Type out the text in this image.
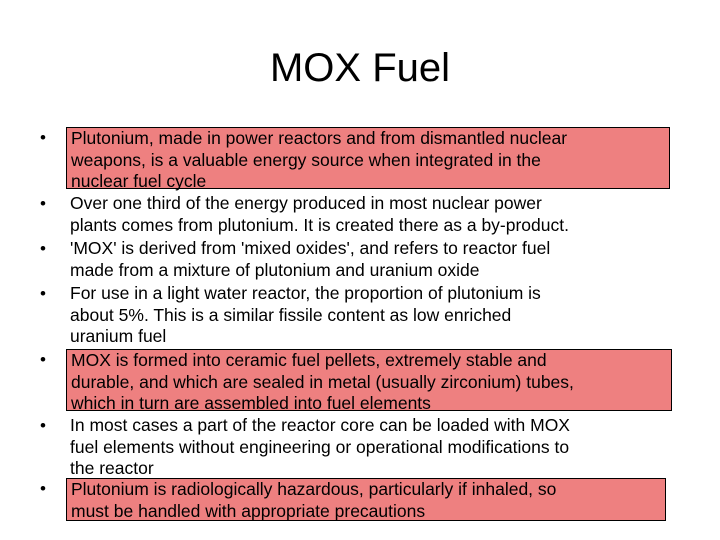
MOX Fuel
• Plutonium, made in power reactors and from dismantled nuclear
weapons, is a valuable energy source when integrated in the
nuclear fuel cycle
• Over one third of the energy produced in most nuclear power
plants comes from plutonium. It is created there as a by-product.
• 'MOX' is derived from 'mixed oxides', and refers to reactor fuel
made from a mixture of plutonium and uranium oxide
• For use in a light water reactor, the proportion of plutonium is
about 5%. This is a similar fissile content as low enriched
uranium fuel
• MOX is formed into ceramic fuel pellets, extremely stable and
durable, and which are sealed in metal (usually zirconium) tubes,
which in turn are assembled into fuel elements
• In most cases a part of the reactor core can be loaded with MOX
fuel elements without engineering or operational modifications to
the reactor
• Plutonium is radiologically hazardous, particularly if inhaled, so
must be handled with appropriate precautions
